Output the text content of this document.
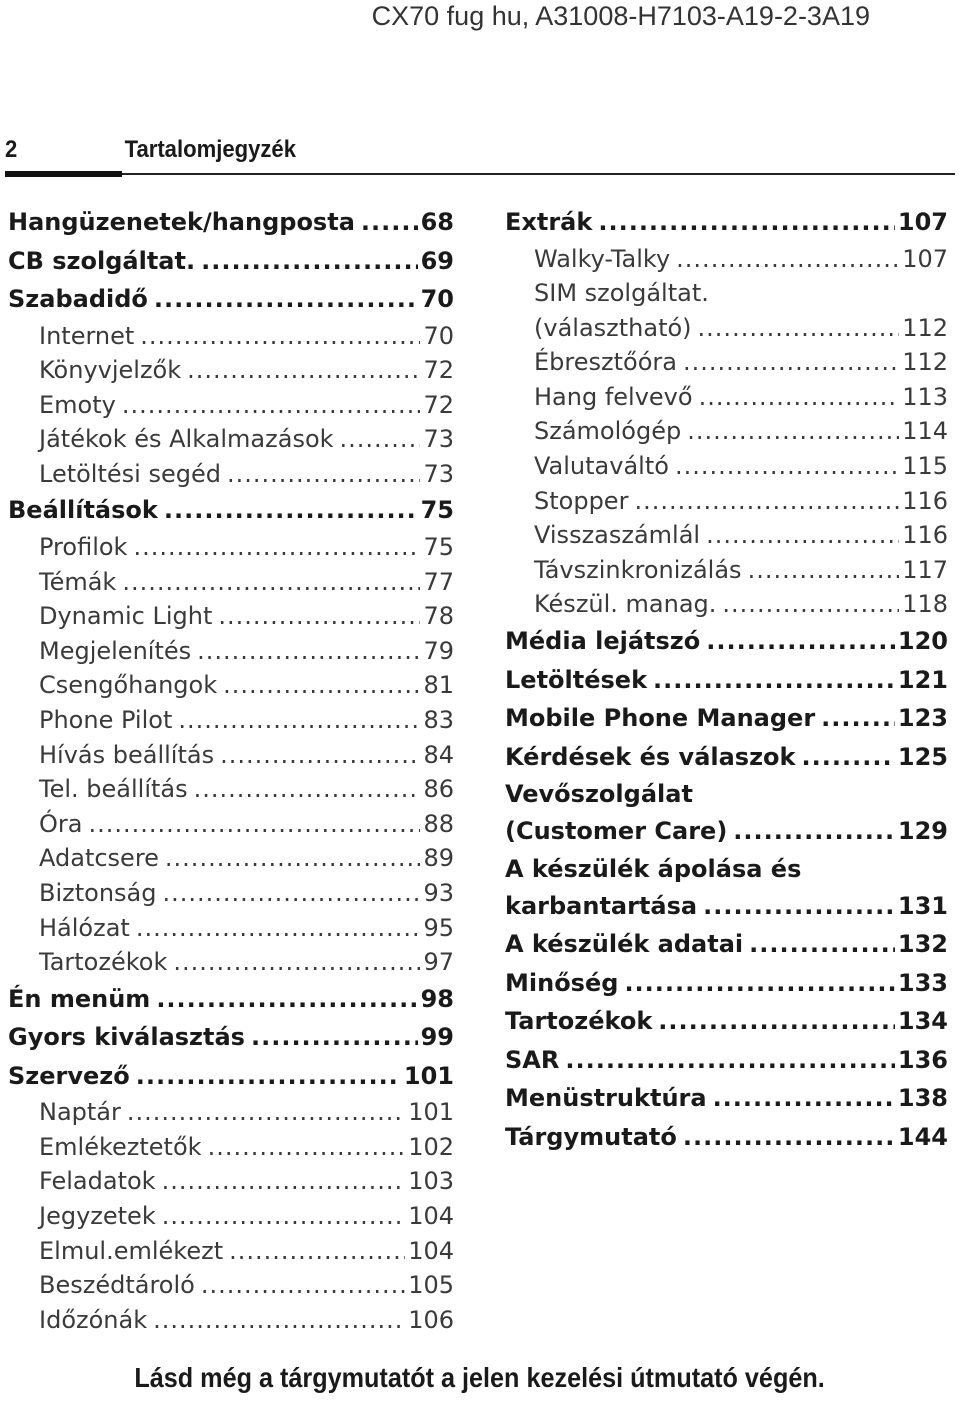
CX70 fug hu, A31008-H7103-A19-2-3A19
2	Tartalomjegyzék
Hangüzenetek/hangposta .....	68
CB szolgáltat. .....	69
Szabadidő .....	70
Internet .....	70
Könyvjelzők .....	72
Emoty .....	72
Játékok és Alkalmazások .....	73
Letöltési segéd .....	73
Beállítások .....	75
Profilok .....	75
Témák .....	77
Dynamic Light .....	78
Megjelenítés .....	79
Csengőhangok .....	81
Phone Pilot .....	83
Hívás beállítás .....	84
Tel. beállítás .....	86
Óra .....	88
Adatcsere .....	89
Biztonság .....	93
Hálózat .....	95
Tartozékok .....	97
Én menüm .....	98
Gyors kiválasztás .....	99
Szervező .....	101
Naptár .....	101
Emlékeztetők .....	102
Feladatok .....	103
Jegyzetek .....	104
Elmul.emlékezt .....	104
Beszédtároló .....	105
Időzónák .....	106
Extrák .....	107
Walky-Talky .....	107
SIM szolgáltat.
(választható) .....	112
Ébresztőóra .....	112
Hang felvevő .....	113
Számológép .....	114
Valutaváltó .....	115
Stopper .....	116
Visszaszámlál .....	116
Távszinkronizálás .....	117
Készül. manag. .....	118
Média lejátszó .....	120
Letöltések .....	121
Mobile Phone Manager .....	123
Kérdések és válaszok .....	125
Vevőszolgálat
(Customer Care) .....	129
A készülék ápolása és
karbantartása .....	131
A készülék adatai .....	132
Minőség .....	133
Tartozékok .....	134
SAR .....	136
Menüstruktúra .....	138
Tárgymutató .....	144
Lásd még a tárgymutatót a jelen kezelési útmutató végén.
